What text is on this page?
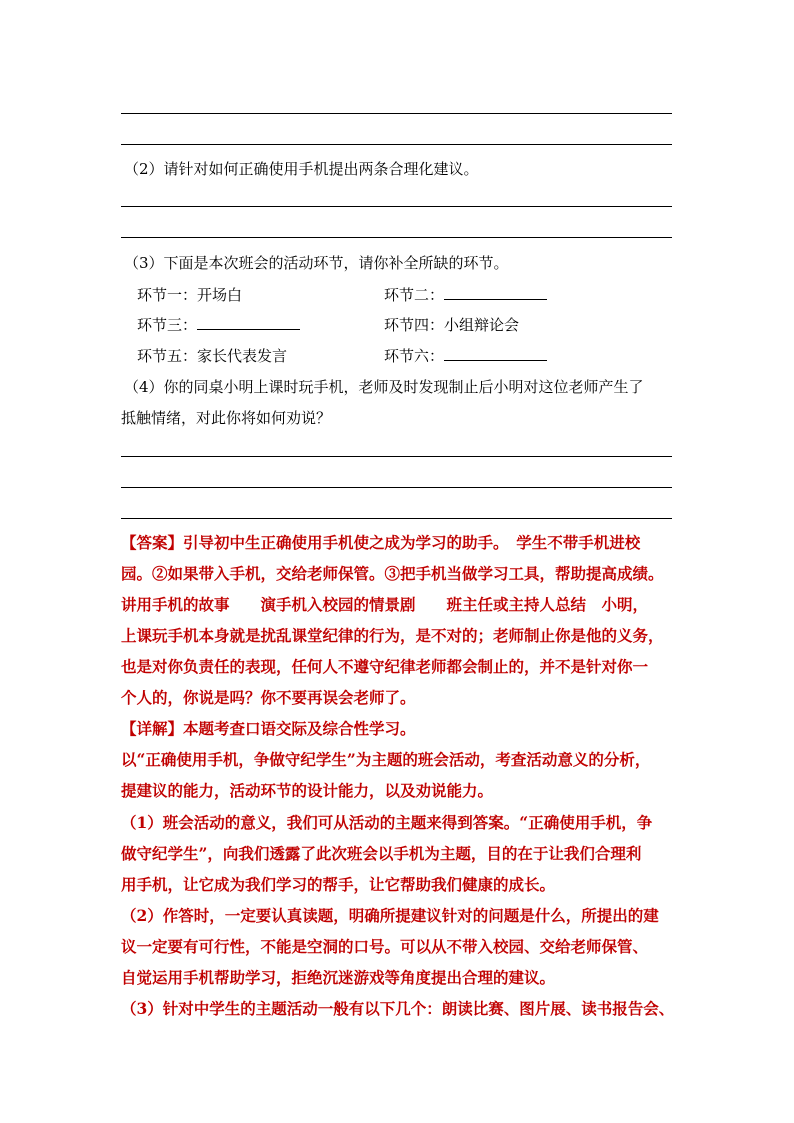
（2）请针对如何正确使用手机提出两条合理化建议。
（3）下面是本次班会的活动环节，请你补全所缺的环节。
环节一：开场白	环节二：
环节三：	环节四：小组辩论会
环节五：家长代表发言	环节六：
（4）你的同桌小明上课时玩手机，老师及时发现制止后小明对这位老师产生了
抵触情绪，对此你将如何劝说？
【答案】引导初中生正确使用手机使之成为学习的助手。　学生不带手机进校
园。②如果带入手机，交给老师保管。③把手机当做学习工具，帮助提高成绩。
讲用手机的故事　　演手机入校园的情景剧　　班主任或主持人总结　小明，
上课玩手机本身就是扰乱课堂纪律的行为，是不对的；老师制止你是他的义务，
也是对你负责任的表现，任何人不遵守纪律老师都会制止的，并不是针对你一
个人的，你说是吗？你不要再误会老师了。
【详解】本题考查口语交际及综合性学习。
以“正确使用手机，争做守纪学生”为主题的班会活动，考查活动意义的分析，
提建议的能力，活动环节的设计能力，以及劝说能力。
（1）班会活动的意义，我们可从活动的主题来得到答案。“正确使用手机，争
做守纪学生”，向我们透露了此次班会以手机为主题，目的在于让我们合理利
用手机，让它成为我们学习的帮手，让它帮助我们健康的成长。
（2）作答时，一定要认真读题，明确所提建议针对的问题是什么，所提出的建
议一定要有可行性，不能是空洞的口号。可以从不带入校园、交给老师保管、
自觉运用手机帮助学习，拒绝沉迷游戏等角度提出合理的建议。
（3）针对中学生的主题活动一般有以下几个：朗读比赛、图片展、读书报告会、
